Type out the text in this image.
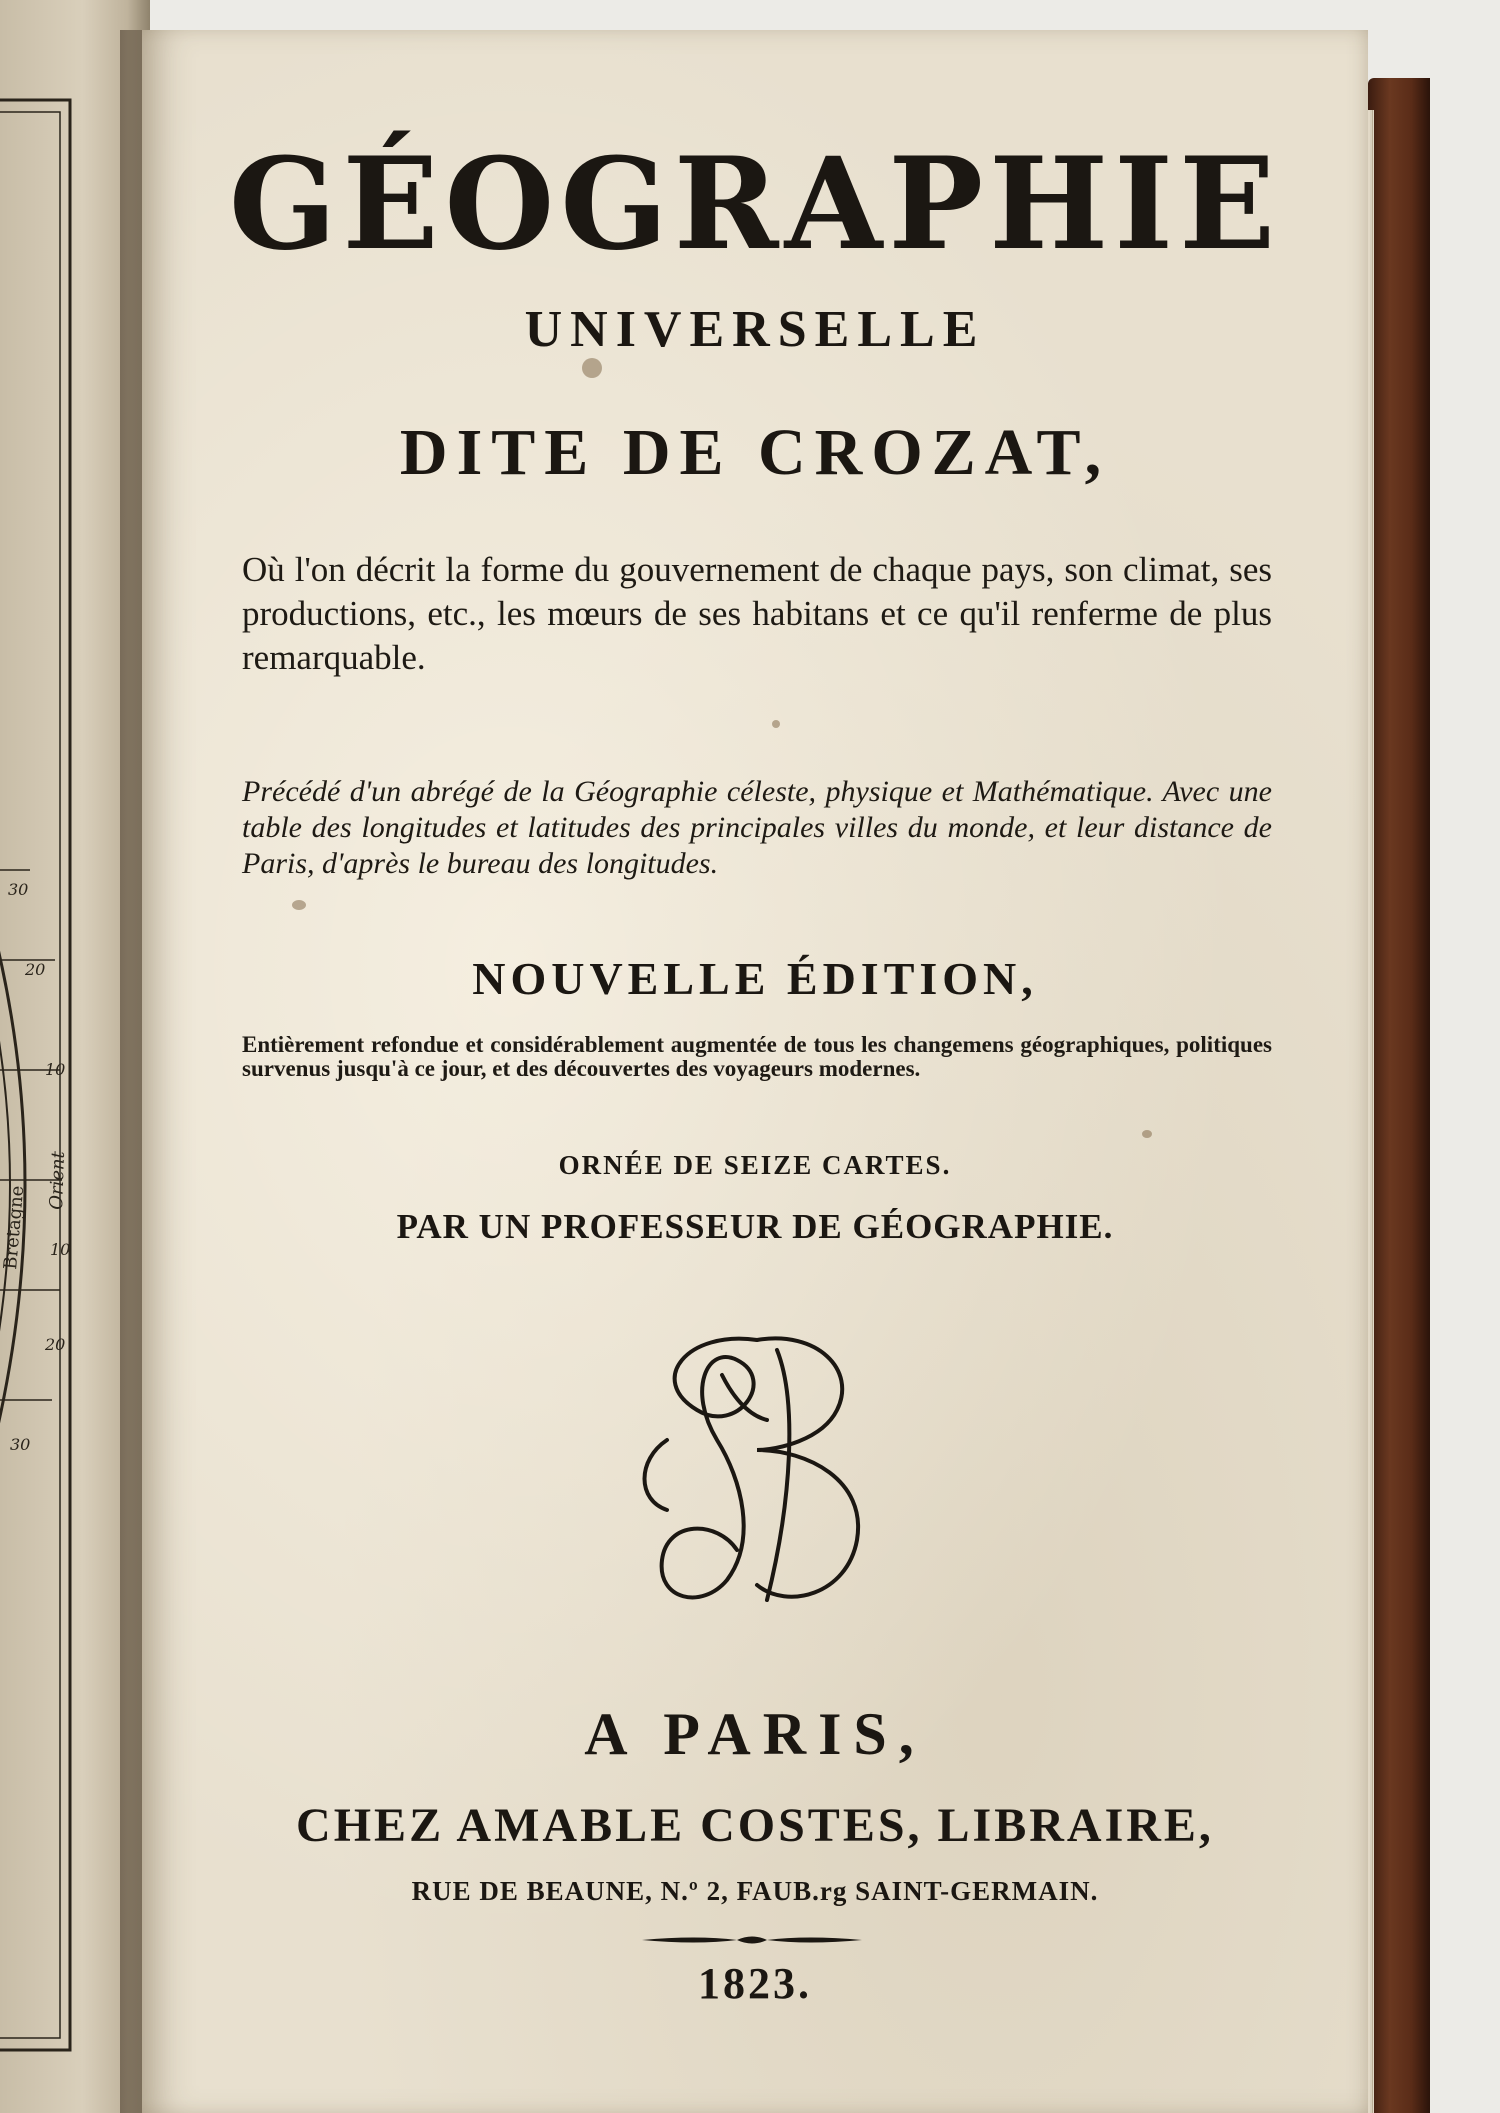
30
20
10
10
20
30
Orient
Bretagne
GÉOGRAPHIE
UNIVERSELLE
DITE DE CROZAT,
Où l'on décrit la forme du gouvernement de chaque pays, son climat, ses productions, etc., les mœurs de ses habitans et ce qu'il renferme de plus remarquable.
Précédé d'un abrégé de la Géographie céleste, physique et Mathématique. Avec une table des longitudes et latitudes des principales villes du monde, et leur distance de Paris, d'après le bureau des longitudes.
NOUVELLE ÉDITION,
Entièrement refondue et considérablement augmentée de tous les changemens géographiques, politiques survenus jusqu'à ce jour, et des découvertes des voyageurs modernes.
ORNÉE DE SEIZE CARTES.
PAR UN PROFESSEUR DE GÉOGRAPHIE.
CB
A PARIS,
CHEZ AMABLE COSTES, LIBRAIRE,
RUE DE BEAUNE, N.º 2, FAUB.rg SAINT-GERMAIN.
1823.
